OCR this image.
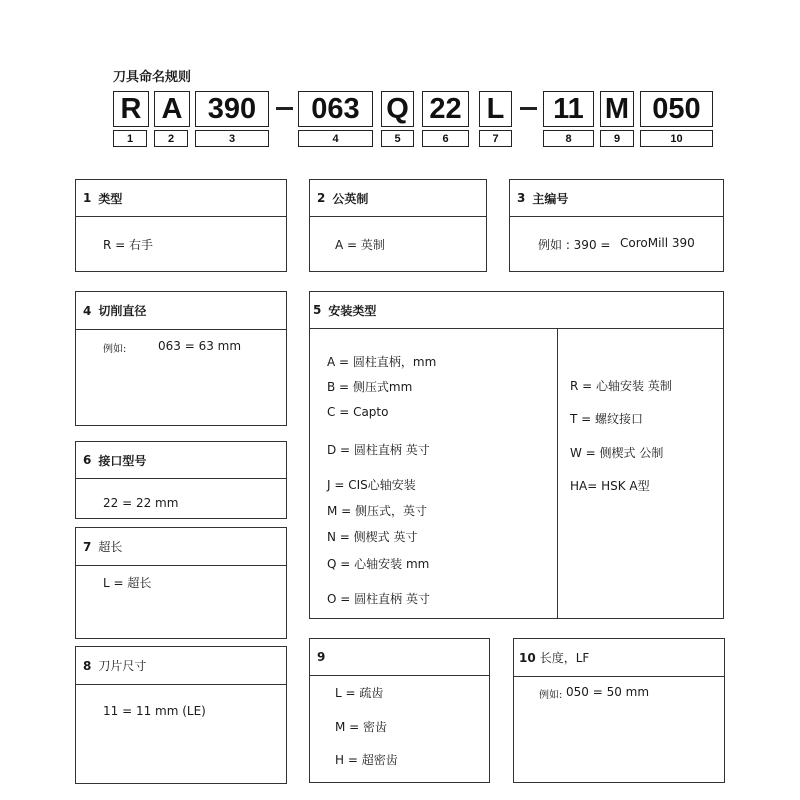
刀具命名规则
R
1
A
2
390
3
063
4
Q
5
22
6
L
7
11
8
M
9
050
10
1 类型
R = 右手
2 公英制
A = 英制
3 主编号
例如 : 390 = CoroMill 390
4 切削直径
例如:	063 = 63 mm
5 安装类型
A = 圆柱直柄，mm
B = 侧压式mm
C = Capto
D = 圆柱直柄 英寸
J = CIS心轴安装
M = 侧压式，英寸
N = 侧楔式 英寸
Q = 心轴安装 mm
O = 圆柱直柄 英寸
R = 心轴安装 英制
T = 螺纹接口
W = 侧楔式 公制
HA= HSK A型
6 接口型号
22 = 22 mm
7 超长
L = 超长
8 刀片尺寸
11 = 11 mm (LE)
9
L = 疏齿
M = 密齿
H = 超密齿
10 长度，LF
例如: 050 = 50 mm
